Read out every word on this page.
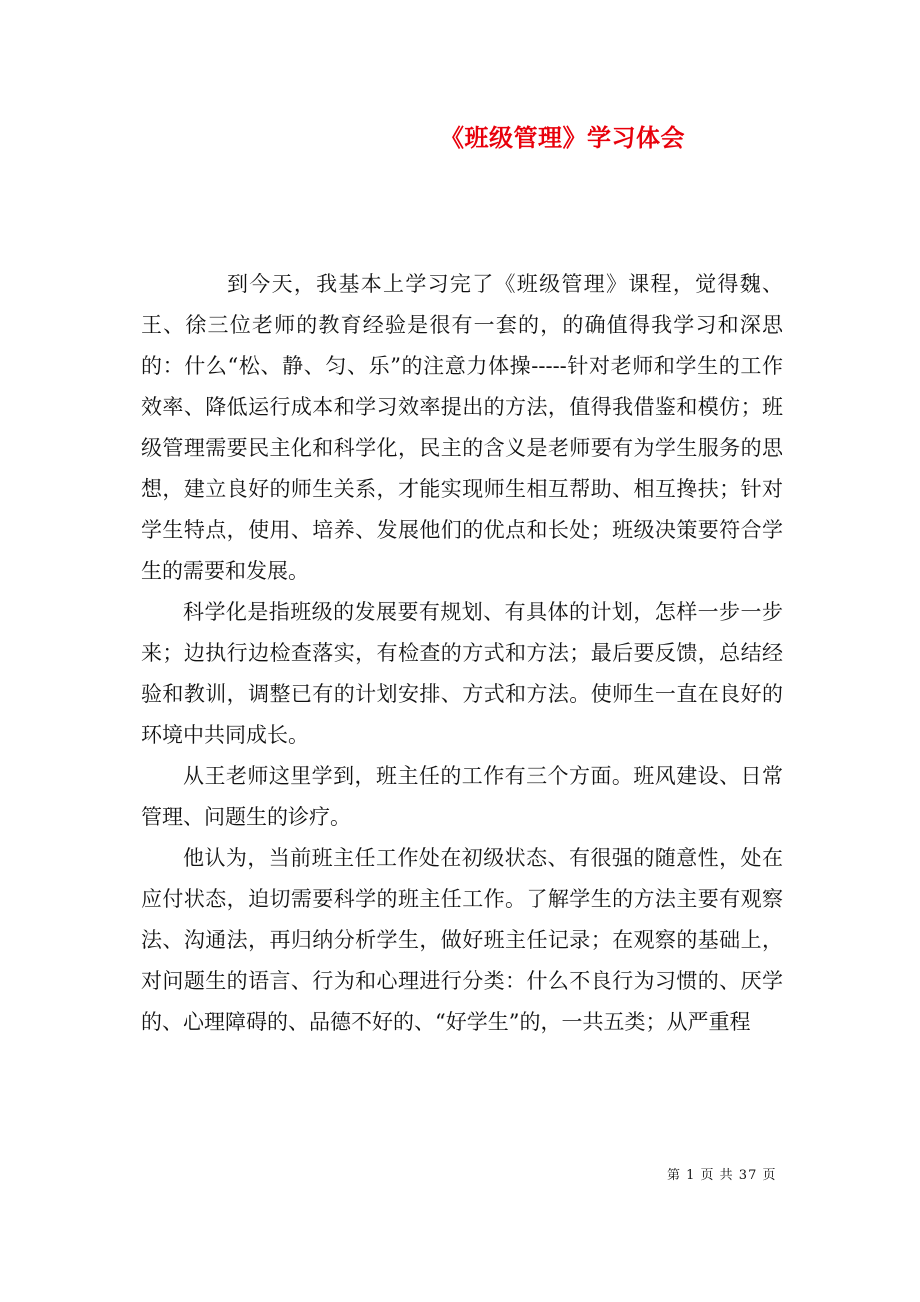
《班级管理》学习体会

到今天，我基本上学习完了《班级管理》课程，觉得魏、王、徐三位老师的教育经验是很有一套的，的确值得我学习和深思的：什么“松、静、匀、乐”的注意力体操-----针对老师和学生的工作效率、降低运行成本和学习效率提出的方法，值得我借鉴和模仿；班级管理需要民主化和科学化，民主的含义是老师要有为学生服务的思想，建立良好的师生关系，才能实现师生相互帮助、相互搀扶；针对学生特点，使用、培养、发展他们的优点和长处；班级决策要符合学生的需要和发展。

科学化是指班级的发展要有规划、有具体的计划，怎样一步一步来；边执行边检查落实，有检查的方式和方法；最后要反馈，总结经验和教训，调整已有的计划安排、方式和方法。使师生一直在良好的环境中共同成长。

从王老师这里学到，班主任的工作有三个方面。班风建设、日常管理、问题生的诊疗。

他认为，当前班主任工作处在初级状态、有很强的随意性，处在应付状态，迫切需要科学的班主任工作。了解学生的方法主要有观察法、沟通法，再归纳分析学生，做好班主任记录；在观察的基础上，对问题生的语言、行为和心理进行分类：什么不良行为习惯的、厌学的、心理障碍的、品德不好的、“好学生”的，一共五类；从严重程

第 1 页 共 37 页
